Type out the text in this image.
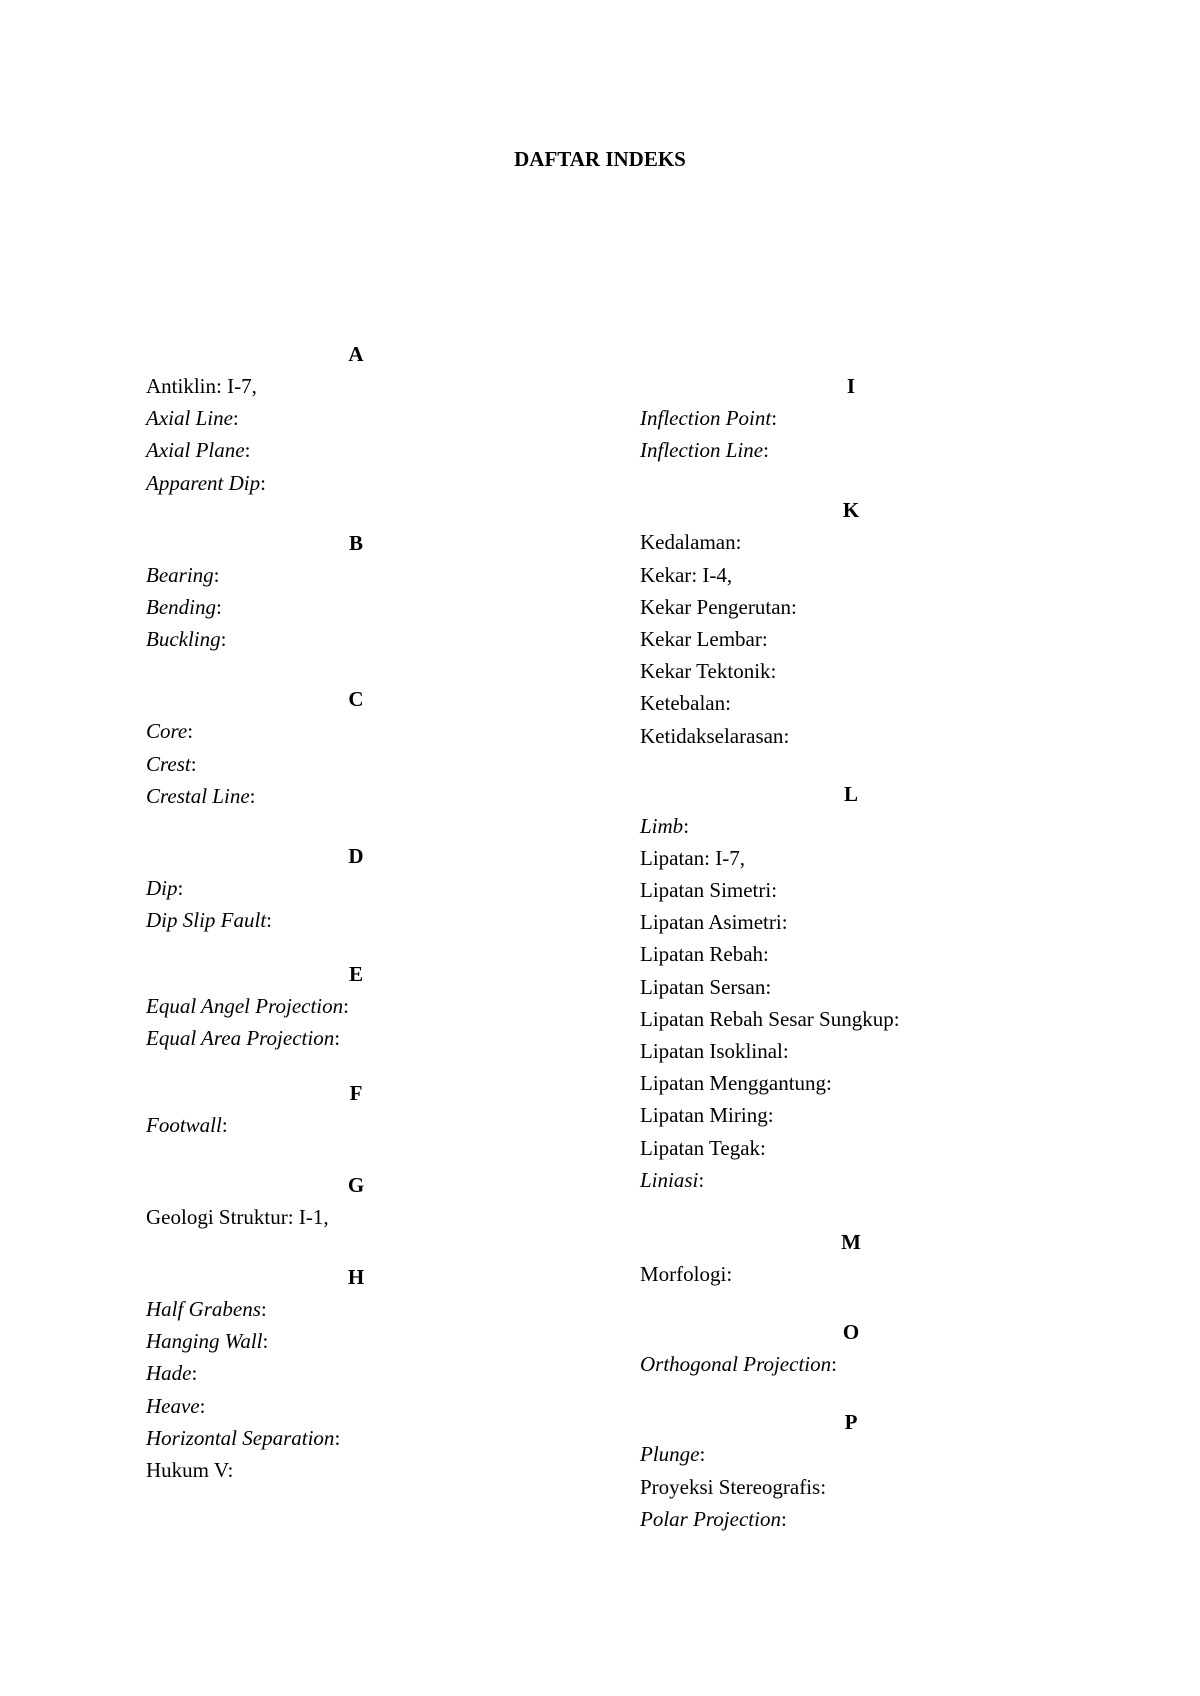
DAFTAR INDEKS
A
Antiklin: I-7,
Axial Line:
Axial Plane:
Apparent Dip:
B
Bearing:
Bending:
Buckling:
C
Core:
Crest:
Crestal Line:
D
Dip:
Dip Slip Fault:
E
Equal Angel Projection:
Equal Area Projection:
F
Footwall:
G
Geologi Struktur: I-1,
H
Half Grabens:
Hanging Wall:
Hade:
Heave:
Horizontal Separation:
Hukum V:
I
Inflection Point:
Inflection Line:
K
Kedalaman:
Kekar: I-4,
Kekar Pengerutan:
Kekar Lembar:
Kekar Tektonik:
Ketebalan:
Ketidakselarasan:
L
Limb:
Lipatan: I-7,
Lipatan Simetri:
Lipatan Asimetri:
Lipatan Rebah:
Lipatan Sersan:
Lipatan Rebah Sesar Sungkup:
Lipatan Isoklinal:
Lipatan Menggantung:
Lipatan Miring:
Lipatan Tegak:
Liniasi:
M
Morfologi:
O
Orthogonal Projection:
P
Plunge:
Proyeksi Stereografis:
Polar Projection:
